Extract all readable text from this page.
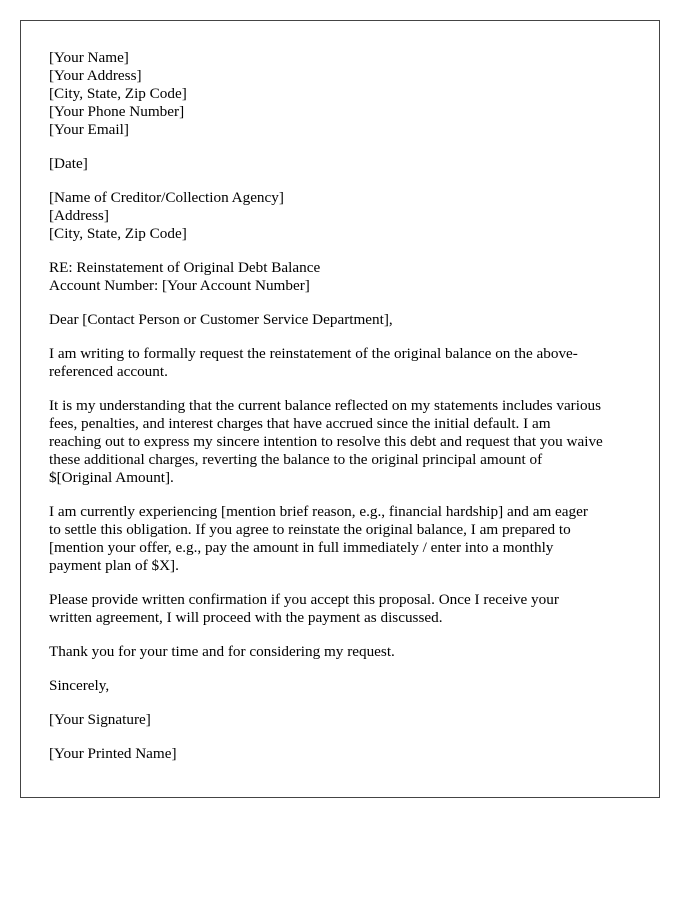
[Your Name]
[Your Address]
[City, State, Zip Code]
[Your Phone Number]
[Your Email]
[Date]
[Name of Creditor/Collection Agency]
[Address]
[City, State, Zip Code]
RE: Reinstatement of Original Debt Balance
Account Number: [Your Account Number]
Dear [Contact Person or Customer Service Department],
I am writing to formally request the reinstatement of the original balance on the above-
referenced account.
It is my understanding that the current balance reflected on my statements includes various
fees, penalties, and interest charges that have accrued since the initial default. I am
reaching out to express my sincere intention to resolve this debt and request that you waive
these additional charges, reverting the balance to the original principal amount of
$[Original Amount].
I am currently experiencing [mention brief reason, e.g., financial hardship] and am eager
to settle this obligation. If you agree to reinstate the original balance, I am prepared to
[mention your offer, e.g., pay the amount in full immediately / enter into a monthly
payment plan of $X].
Please provide written confirmation if you accept this proposal. Once I receive your
written agreement, I will proceed with the payment as discussed.
Thank you for your time and for considering my request.
Sincerely,
[Your Signature]
[Your Printed Name]
